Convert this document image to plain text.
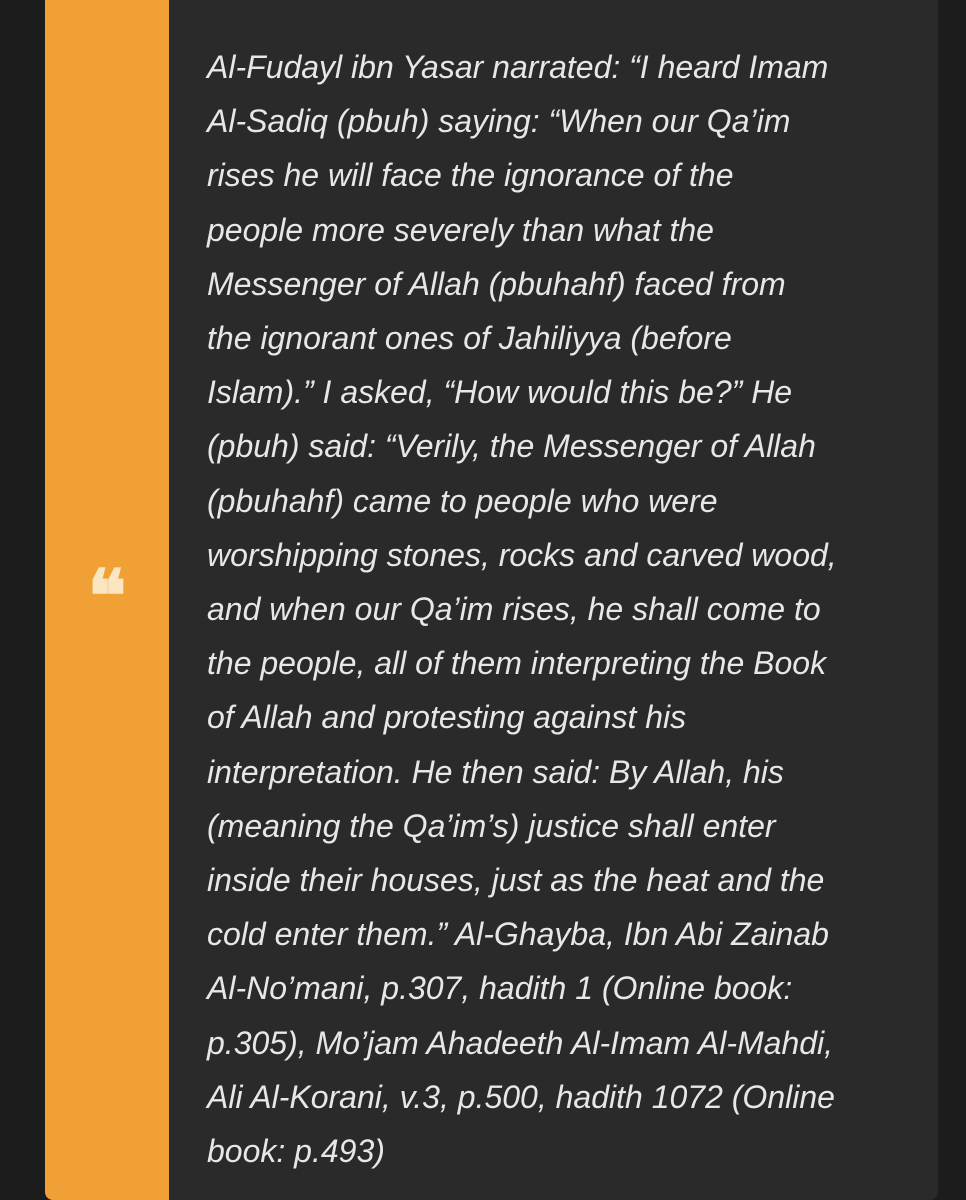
❝

Al-Fudayl ibn Yasar narrated: “I heard Imam
Al-Sadiq (pbuh) saying: “When our Qa’im
rises he will face the ignorance of the
people more severely than what the
Messenger of Allah (pbuhahf) faced from
the ignorant ones of Jahiliyya (before
Islam).” I asked, “How would this be?” He
(pbuh) said: “Verily, the Messenger of Allah
(pbuhahf) came to people who were
worshipping stones, rocks and carved wood,
and when our Qa’im rises, he shall come to
the people, all of them interpreting the Book
of Allah and protesting against his
interpretation. He then said: By Allah, his
(meaning the Qa’im’s) justice shall enter
inside their houses, just as the heat and the
cold enter them.” Al-Ghayba, Ibn Abi Zainab
Al-No’mani, p.307, hadith 1 (Online book:
p.305), Mo’jam Ahadeeth Al-Imam Al-Mahdi,
Ali Al-Korani, v.3, p.500, hadith 1072 (Online
book: p.493)
